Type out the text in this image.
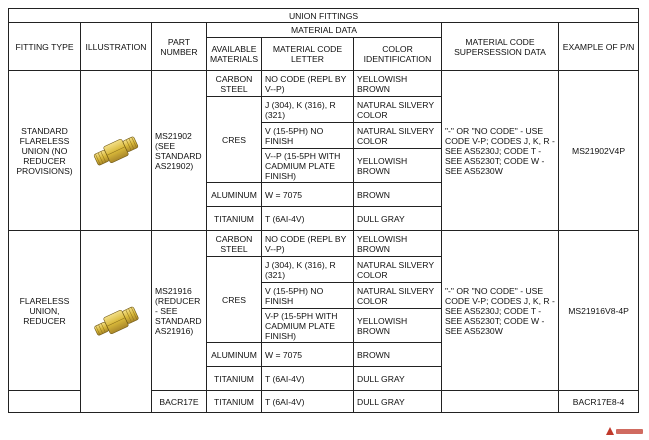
UNION FITTINGS							
FITTING TYPE	ILLUSTRATION	PART NUMBER	MATERIAL DATA			MATERIAL CODE SUPERSESSION DATA	EXAMPLE OF P/N
			AVAILABLE MATERIALS	MATERIAL CODE LETTER	COLOR IDENTIFICATION		
STANDARD FLARELESS UNION (NO REDUCER PROVISIONS)		MS21902 (SEE STANDARD AS21902)	CARBON STEEL	NO CODE (REPL BY V--P)	YELLOWISH BROWN	"-" OR "NO CODE" - USE CODE V-P; CODES J, K, R - SEE AS5230J; CODE T - SEE AS5230T; CODE W - SEE AS5230W	MS21902V4P
			CRES	J (304), K (316), R (321)	NATURAL SILVERY COLOR		
				V (15-5PH) NO FINISH	NATURAL SILVERY COLOR		
				V--P (15-5PH WITH CADMIUM PLATE FINISH)	YELLOWISH BROWN		
			ALUMINUM	W = 7075	BROWN		
			TITANIUM	T (6AI-4V)	DULL GRAY		
FLARELESS UNION, REDUCER		MS21916 (REDUCER - SEE STANDARD AS21916)	CARBON STEEL	NO CODE (REPL BY V--P)	YELLOWISH BROWN	"-" OR "NO CODE" - USE CODE V-P; CODES J, K, R - SEE AS5230J; CODE T - SEE AS5230T; CODE W - SEE AS5230W	MS21916V8-4P
			CRES	J (304), K (316), R (321)	NATURAL SILVERY COLOR		
				V (15-5PH) NO FINISH	NATURAL SILVERY COLOR		
				V-P (15-5PH WITH CADMIUM PLATE FINISH)	YELLOWISH BROWN		
			ALUMINUM	W = 7075	BROWN		
			TITANIUM	T (6AI-4V)	DULL GRAY		
		BACR17E	TITANIUM	T (6AI-4V)	DULL GRAY		BACR17E8-4
